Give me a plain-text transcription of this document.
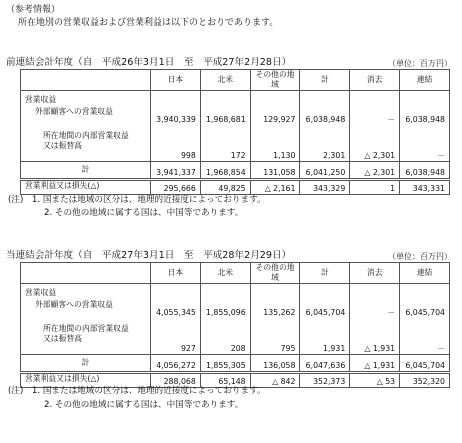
（参考情報）
所在地別の営業収益および営業利益は以下のとおりであります。
前連結会計年度（自　平成26年3月1日　至　平成27年2月28日）	（単位：百万円）
	日本	北米	その他の地域	計	消去	連結
営業収益						
外部顧客への営業収益	3,940,339	1,968,681	129,927	6,038,948	－	6,038,948

所在地間の内部営業収益
又は振替高	998	172	1,130	2,301	△ 2,301	－
計	3,941,337	1,968,854	131,058	6,041,250	△ 2,301	6,038,948
営業利益又は損失(△)	295,666	49,825	△ 2,161	343,329	1	343,331
(注)　1. 国または地域の区分は、地理的近接度によっております。
2. その他の地域に属する国は、中国等であります。
当連結会計年度（自　平成27年3月1日　至　平成28年2月29日）	（単位：百万円）
	日本	北米	その他の地域	計	消去	連結
営業収益						
外部顧客への営業収益	4,055,345	1,855,096	135,262	6,045,704	－	6,045,704

所在地間の内部営業収益
又は振替高	927	208	795	1,931	△ 1,931	－
計	4,056,272	1,855,305	136,058	6,047,636	△ 1,931	6,045,704
営業利益又は損失(△)	288,068	65,148	△ 842	352,373	△ 53	352,320
(注)　1. 国または地域の区分は、地理的近接度によっております。
2. その他の地域に属する国は、中国等であります。
